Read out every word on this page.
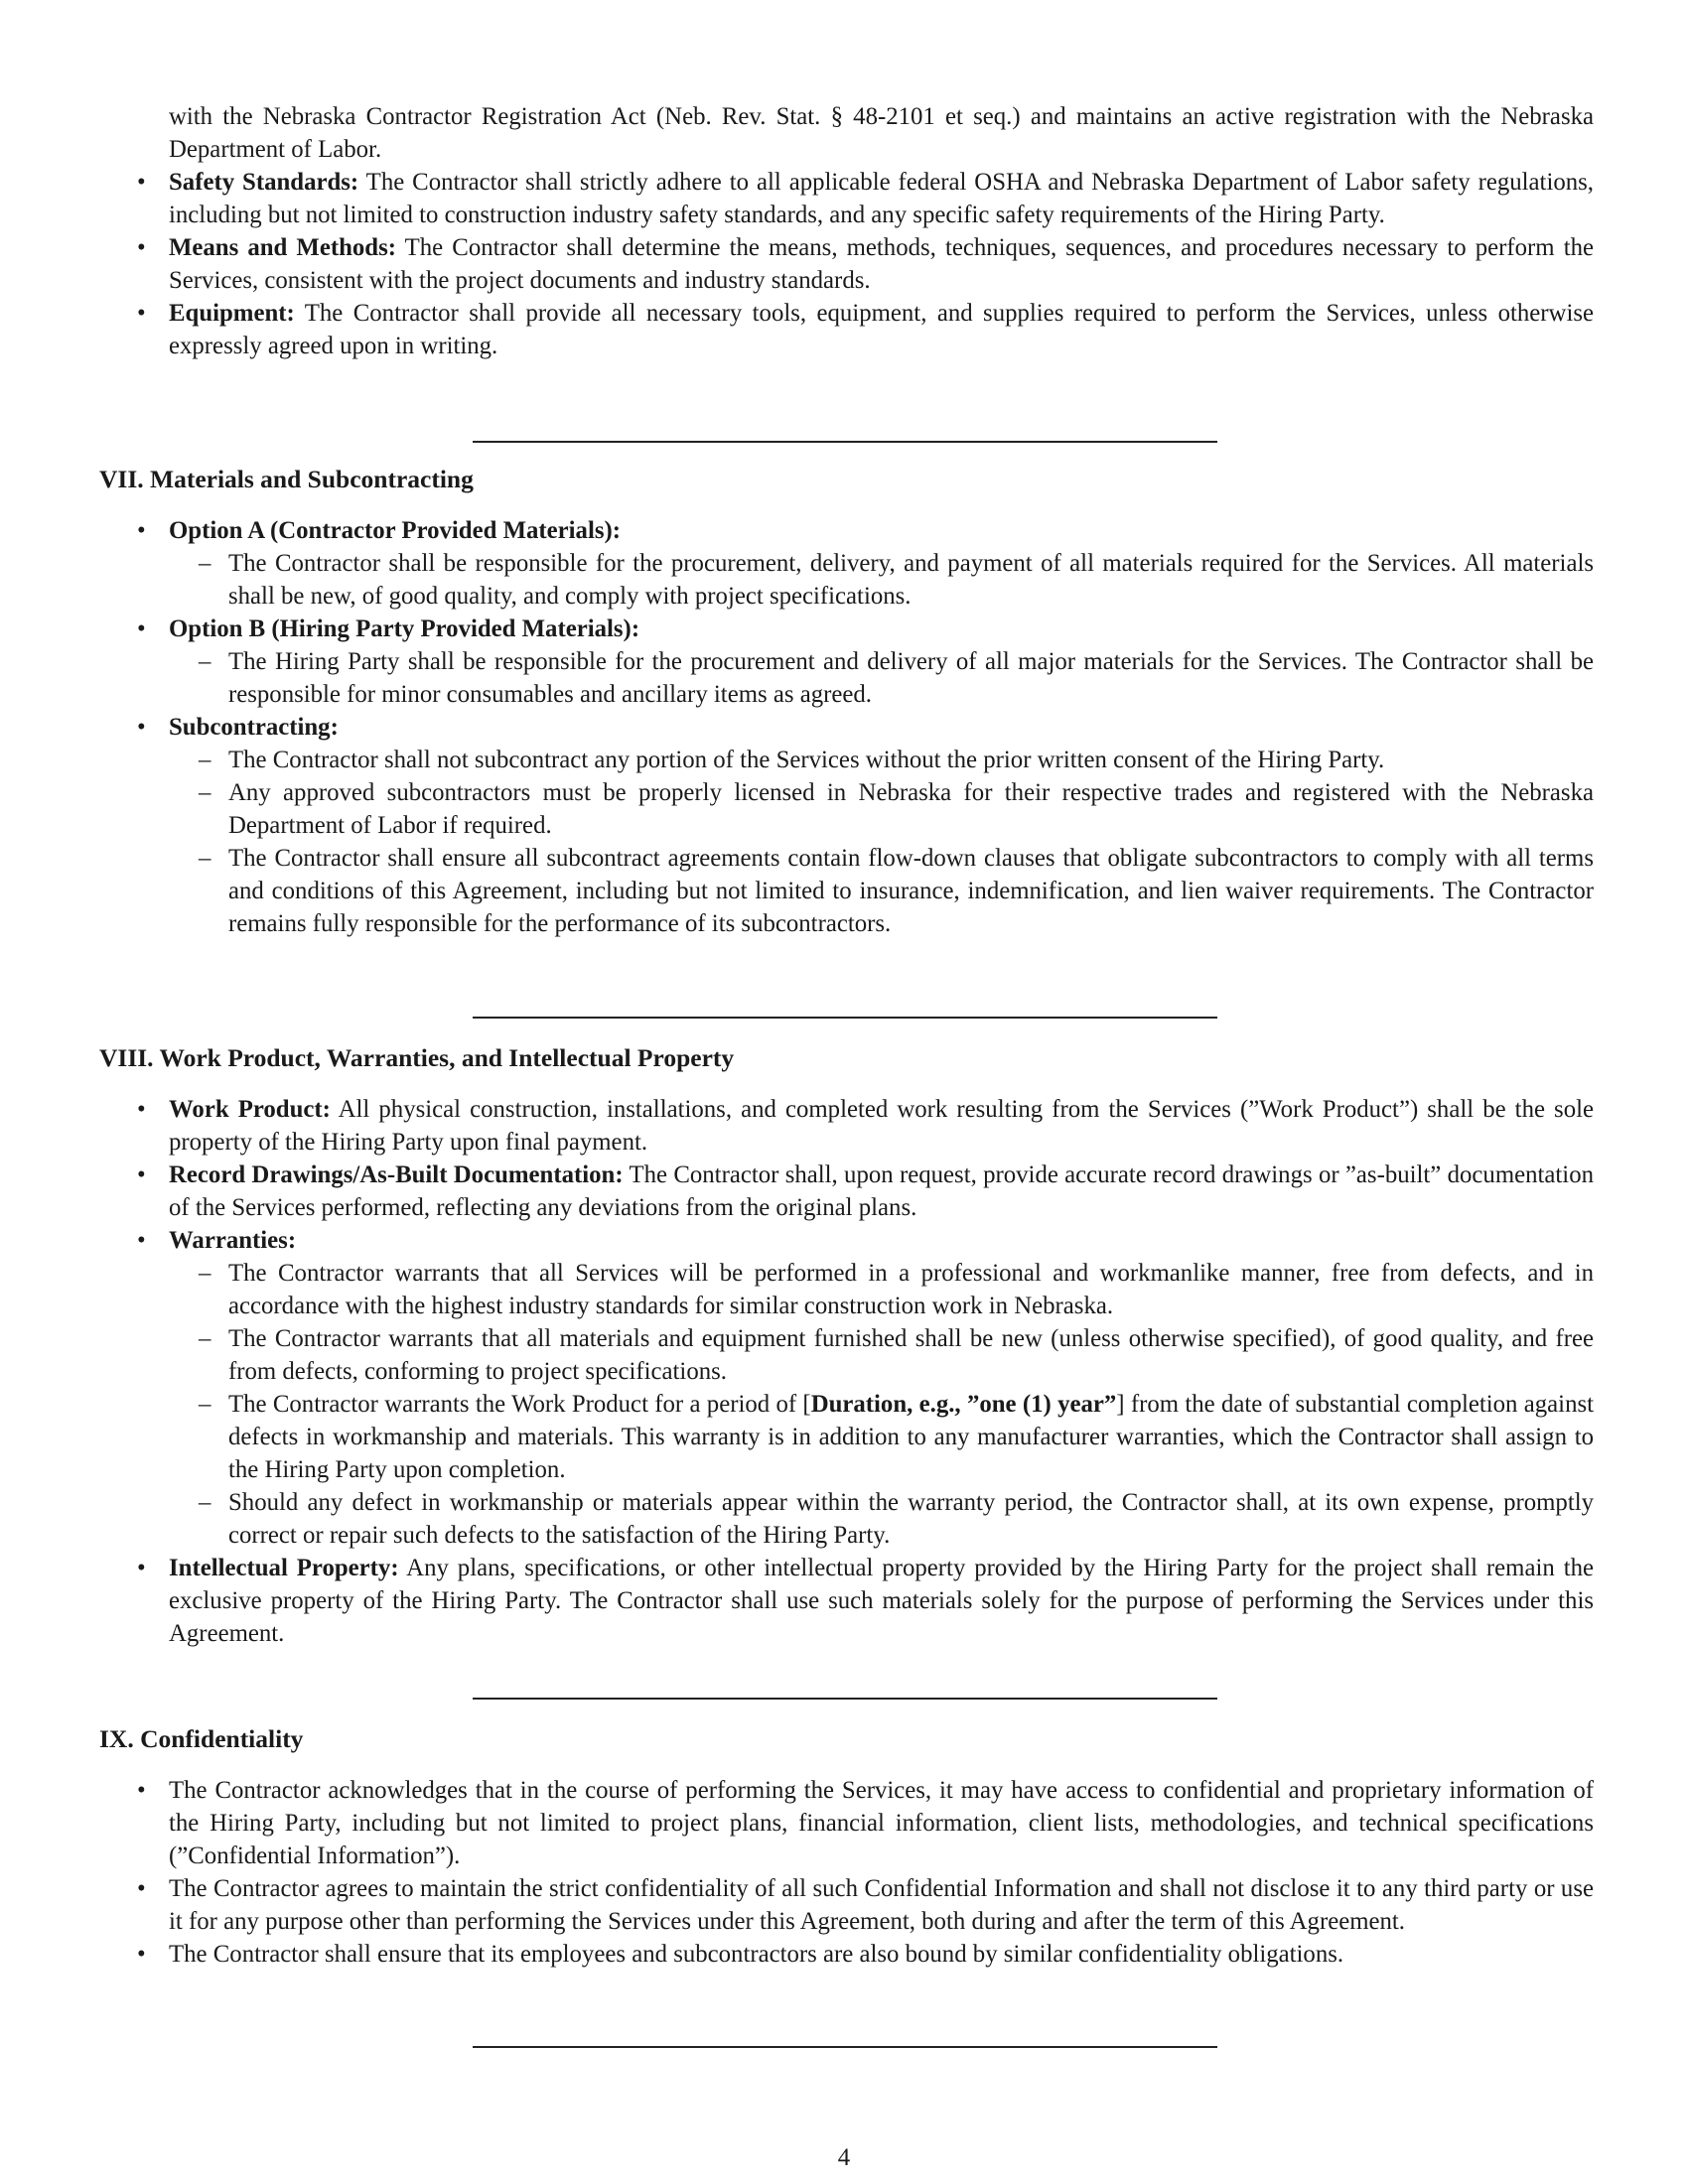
with the Nebraska Contractor Registration Act (Neb. Rev. Stat. § 48-2101 et seq.) and maintains an active registration with the Nebraska Department of Labor.
• Safety Standards: The Contractor shall strictly adhere to all applicable federal OSHA and Nebraska Department of Labor safety regulations, including but not limited to construction industry safety standards, and any specific safety requirements of the Hiring Party.
• Means and Methods: The Contractor shall determine the means, methods, techniques, sequences, and procedures necessary to perform the Services, consistent with the project documents and industry standards.
• Equipment: The Contractor shall provide all necessary tools, equipment, and supplies required to perform the Services, unless otherwise expressly agreed upon in writing.
VII. Materials and Subcontracting
• Option A (Contractor Provided Materials):
– The Contractor shall be responsible for the procurement, delivery, and payment of all materials required for the Services. All materials shall be new, of good quality, and comply with project specifications.
• Option B (Hiring Party Provided Materials):
– The Hiring Party shall be responsible for the procurement and delivery of all major materials for the Services. The Contractor shall be responsible for minor consumables and ancillary items as agreed.
• Subcontracting:
– The Contractor shall not subcontract any portion of the Services without the prior written consent of the Hiring Party.
– Any approved subcontractors must be properly licensed in Nebraska for their respective trades and registered with the Nebraska Department of Labor if required.
– The Contractor shall ensure all subcontract agreements contain flow-down clauses that obligate subcontractors to comply with all terms and conditions of this Agreement, including but not limited to insurance, indemnification, and lien waiver requirements. The Contractor remains fully responsible for the performance of its subcontractors.
VIII. Work Product, Warranties, and Intellectual Property
• Work Product: All physical construction, installations, and completed work resulting from the Services (”Work Product”) shall be the sole property of the Hiring Party upon final payment.
• Record Drawings/As-Built Documentation: The Contractor shall, upon request, provide accurate record drawings or ”as-built” documentation of the Services performed, reflecting any deviations from the original plans.
• Warranties:
– The Contractor warrants that all Services will be performed in a professional and workmanlike manner, free from defects, and in accordance with the highest industry standards for similar construction work in Nebraska.
– The Contractor warrants that all materials and equipment furnished shall be new (unless otherwise specified), of good quality, and free from defects, conforming to project specifications.
– The Contractor warrants the Work Product for a period of [Duration, e.g., ”one (1) year”] from the date of substantial completion against defects in workmanship and materials. This warranty is in addition to any manufacturer warranties, which the Contractor shall assign to the Hiring Party upon completion.
– Should any defect in workmanship or materials appear within the warranty period, the Contractor shall, at its own expense, promptly correct or repair such defects to the satisfaction of the Hiring Party.
• Intellectual Property: Any plans, specifications, or other intellectual property provided by the Hiring Party for the project shall remain the exclusive property of the Hiring Party. The Contractor shall use such materials solely for the purpose of performing the Services under this Agreement.
IX. Confidentiality
• The Contractor acknowledges that in the course of performing the Services, it may have access to confidential and proprietary information of the Hiring Party, including but not limited to project plans, financial information, client lists, methodologies, and technical specifications (”Confidential Information”).
• The Contractor agrees to maintain the strict confidentiality of all such Confidential Information and shall not disclose it to any third party or use it for any purpose other than performing the Services under this Agreement, both during and after the term of this Agreement.
• The Contractor shall ensure that its employees and subcontractors are also bound by similar confidentiality obligations.
4
